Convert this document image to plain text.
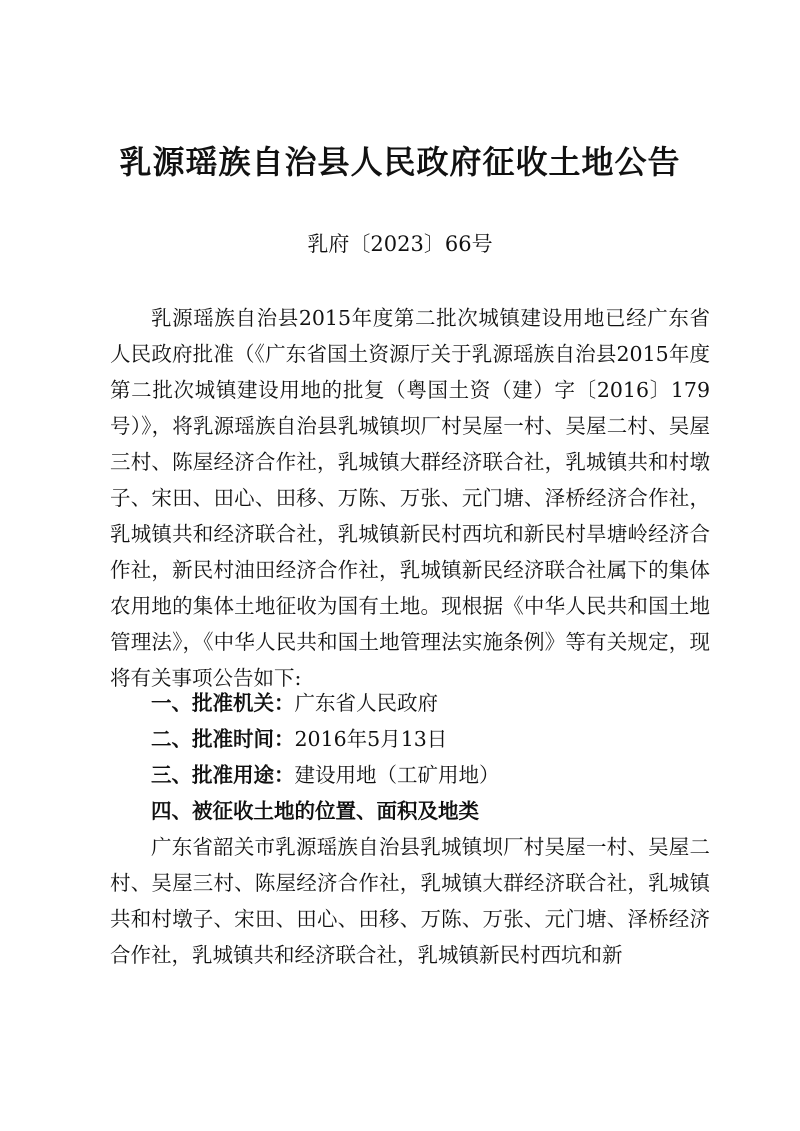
乳源瑶族自治县人民政府征收土地公告
乳府〔2023〕66号
乳源瑶族自治县2015年度第二批次城镇建设用地已经广东省人民政府批准（《广东省国土资源厅关于乳源瑶族自治县2015年度第二批次城镇建设用地的批复（粤国土资（建）字〔2016〕179号）》，将乳源瑶族自治县乳城镇坝厂村吴屋一村、吴屋二村、吴屋三村、陈屋经济合作社，乳城镇大群经济联合社，乳城镇共和村墩子、宋田、田心、田移、万陈、万张、元门塘、泽桥经济合作社，乳城镇共和经济联合社，乳城镇新民村西坑和新民村旱塘岭经济合作社，新民村油田经济合作社，乳城镇新民经济联合社属下的集体农用地的集体土地征收为国有土地。现根据《中华人民共和国土地管理法》，《中华人民共和国土地管理法实施条例》等有关规定，现将有关事项公告如下:
一、批准机关：广东省人民政府
二、批准时间：2016年5月13日
三、批准用途：建设用地（工矿用地）
四、被征收土地的位置、面积及地类
广东省韶关市乳源瑶族自治县乳城镇坝厂村吴屋一村、吴屋二村、吴屋三村、陈屋经济合作社，乳城镇大群经济联合社，乳城镇共和村墩子、宋田、田心、田移、万陈、万张、元门塘、泽桥经济合作社，乳城镇共和经济联合社，乳城镇新民村西坑和新
